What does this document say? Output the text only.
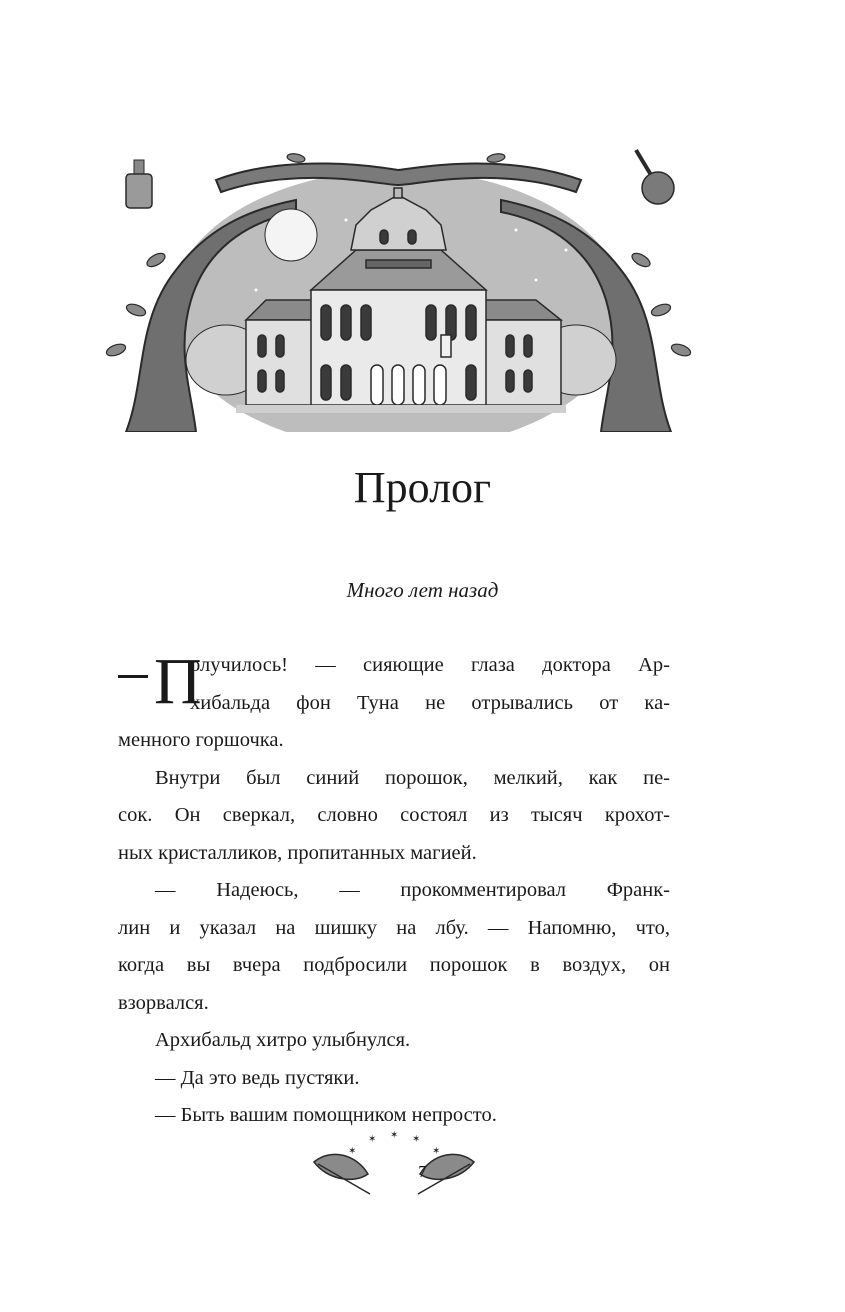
Пролог
Много лет назад
П
олучилось! — сияющие глаза доктора Ар-
хибальда фон Туна не отрывались от ка-
менного горшочка.
Внутри был синий порошок, мелкий, как пе-
сок. Он сверкал, словно состоял из тысяч крохот-
ных кристалликов, пропитанных магией.
— Надеюсь, — прокомментировал Франк-
лин и указал на шишку на лбу. — Напомню, что,
когда вы вчера подбросили порошок в воздух, он
взорвался.
Архибальд хитро улыбнулся.
— Да это ведь пустяки.
— Быть вашим помощником непросто.
✶
✶ ✶ ✶
✶
7
